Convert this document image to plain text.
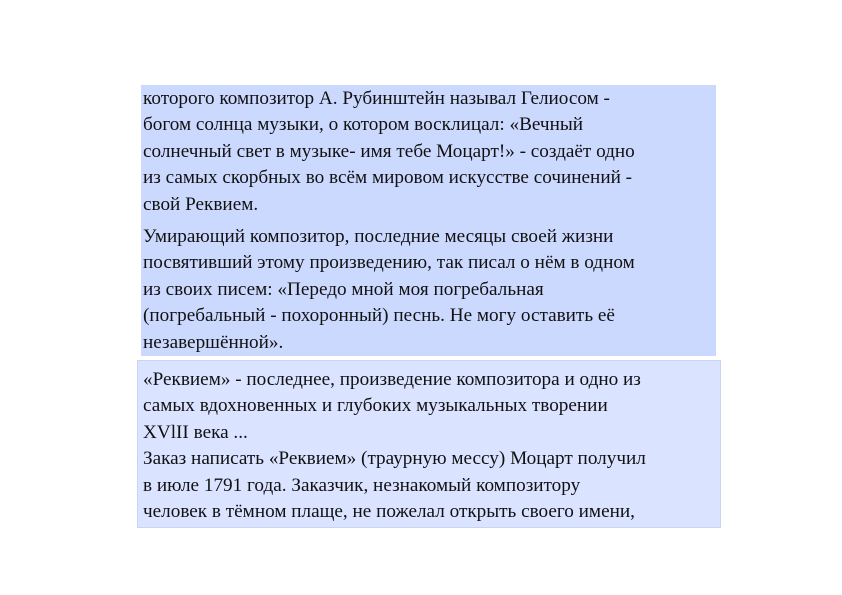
которого композитор А. Рубинштейн называл Гелиосом -
богом солнца музыки, о котором восклицал: «Вечный
солнечный свет в музыке- имя тебе Моцарт!» - создаёт одно
из самых скорбных во всём мировом искусстве сочинений -
свой Реквием.

Умирающий композитор, последние месяцы своей жизни
посвятивший этому произведению, так писал о нём в одном
из своих писем: «Передо мной моя погребальная
(погребальный - похоронный) песнь. Не могу оставить её
незавершённой».

«Реквием» - последнее, произведение композитора и одно из
самых вдохновенных и глубоких музыкальных творении
XVlII века ...

Заказ написать «Реквием» (траурную мессу) Моцарт получил
в июле 1791 года. Заказчик, незнакомый композитору
человек в тёмном плаще, не пожелал открыть своего имени,
